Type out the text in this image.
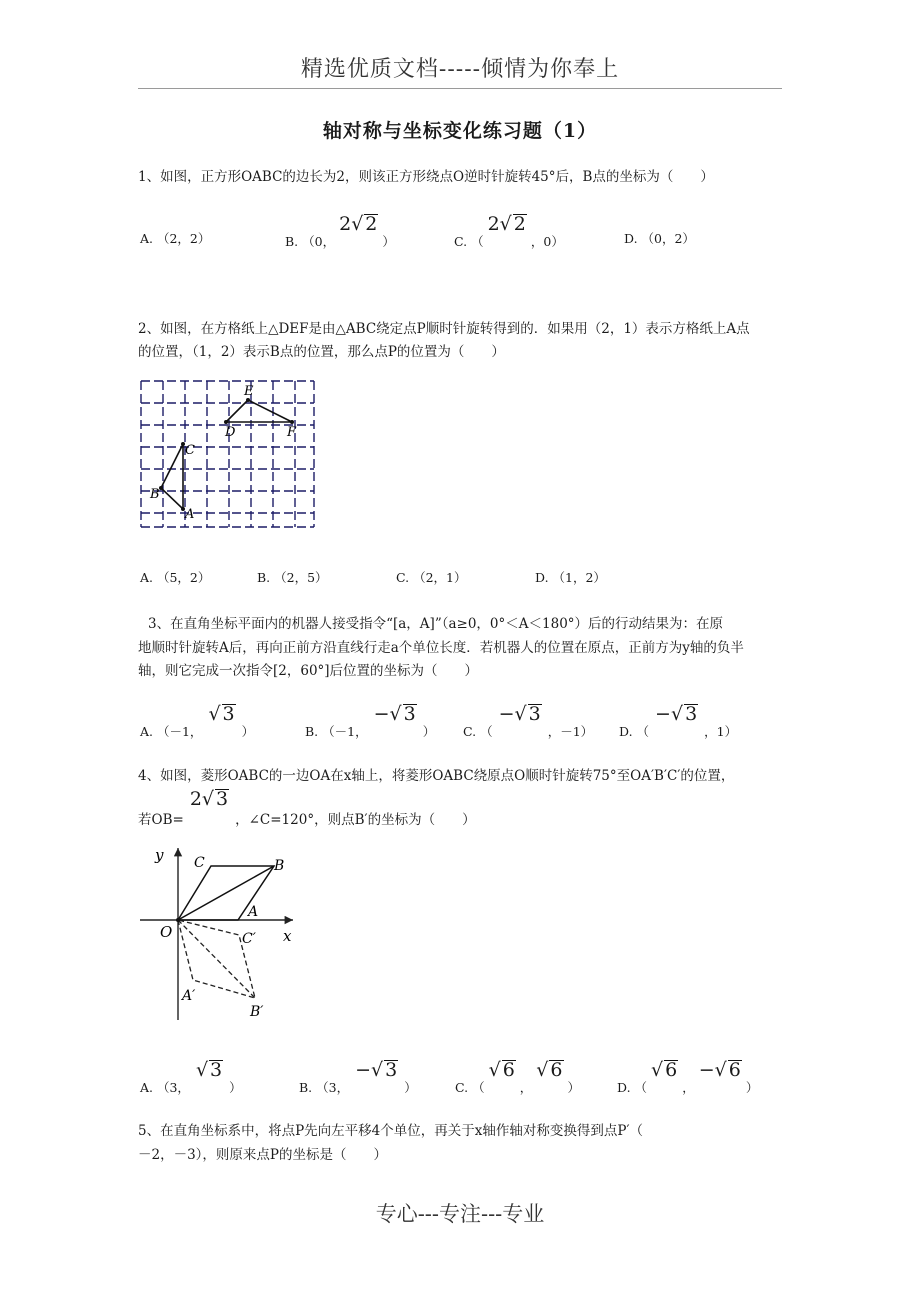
精选优质文档-----倾情为你奉上
轴对称与坐标变化练习题（1）
1、如图，正方形OABC的边长为2，则该正方形绕点O逆时针旋转45°后，B点的坐标为（　　）
A. （2，2）	B. （0，2√ 2）	C. （2√ 2，0）	D. （0，2）
2、如图，在方格纸上△DEF是由△ABC绕定点P顺时针旋转得到的．如果用（2，1）表示方格纸上A点
的位置，（1，2）表示B点的位置，那么点P的位置为（　　）
C
B
A
D
E
F
A. （5，2）	B. （2，5）	C. （2，1）	D. （1，2）
3、在直角坐标平面内的机器人接受指令“[a，A]”（a≥0，0°＜A＜180°）后的行动结果为：在原
地顺时针旋转A后，再向正前方沿直线行走a个单位长度．若机器人的位置在原点，正前方为y轴的负半
轴，则它完成一次指令[2，60°]后位置的坐标为（　　）
A. （－1，√ 3）	B. （－1，−√ 3） C. （−√ 3，－1） D. （−√ 3，1）
4、如图，菱形OABC的一边OA在x轴上，将菱形OABC绕原点O顺时针旋转75°至OA′B′C′的位置，
若OB=2√ 3，∠C=120°，则点B′的坐标为（　　）
y
x
O
A
B
C
A′
B′
C′
A. （3，√ 3）	B. （3，−√ 3）	C. （√ 6，√ 6）	D. （√ 6，−√ 6）
5、在直角坐标系中，将点P先向左平移4个单位，再关于x轴作轴对称变换得到点P′（
－2，－3），则原来点P的坐标是（　　）
专心---专注---专业
